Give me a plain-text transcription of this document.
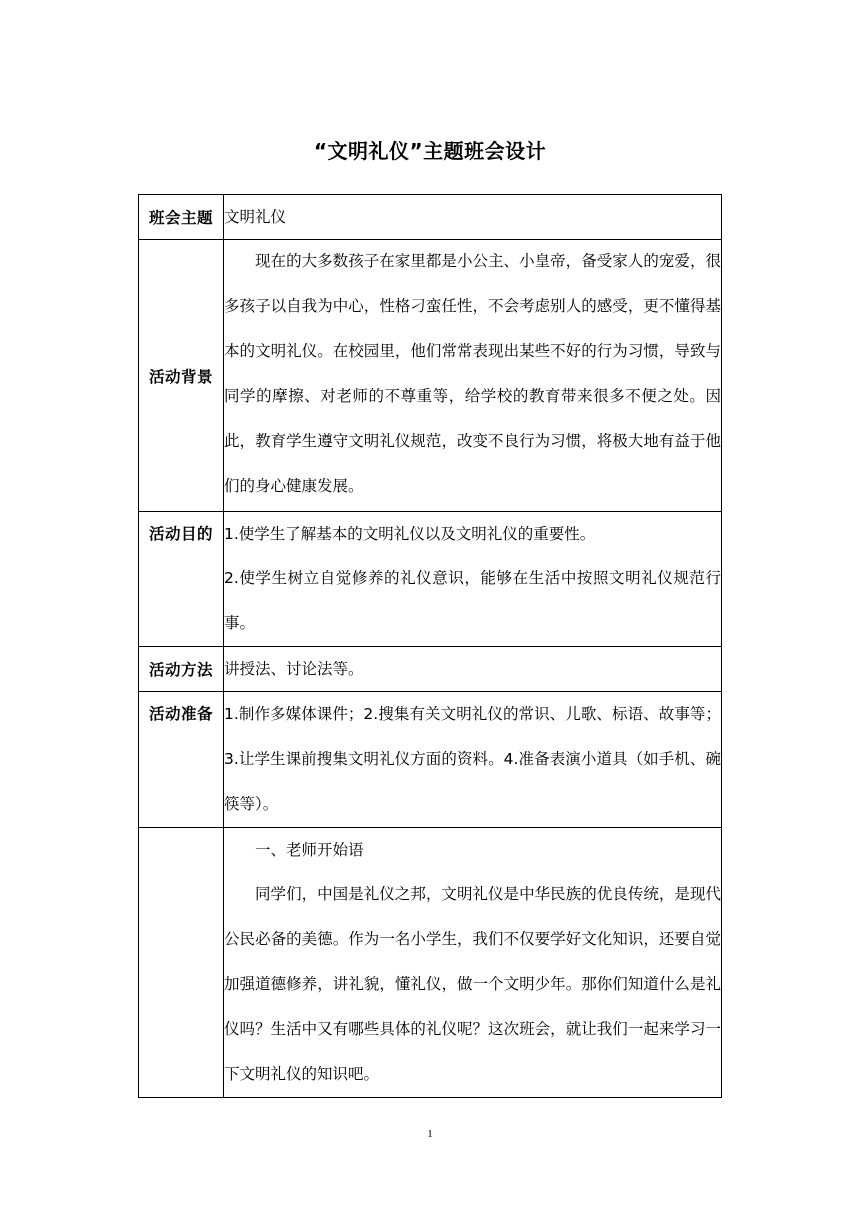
“文明礼仪”主题班会设计
班会主题	文明礼仪

活动背景	现在的大多数孩子在家里都是小公主、小皇帝，备受家人的宠爱，很多孩子以自我为中心，性格刁蛮任性，不会考虑别人的感受，更不懂得基本的文明礼仪。在校园里，他们常常表现出某些不好的行为习惯，导致与同学的摩擦、对老师的不尊重等，给学校的教育带来很多不便之处。因此，教育学生遵守文明礼仪规范，改变不良行为习惯，将极大地有益于他们的身心健康发展。

活动目的	1.使学生了解基本的文明礼仪以及文明礼仪的重要性。

2.使学生树立自觉修养的礼仪意识，能够在生活中按照文明礼仪规范行事。

活动方法	讲授法、讨论法等。

活动准备	1.制作多媒体课件；2.搜集有关文明礼仪的常识、儿歌、标语、故事等；3.让学生课前搜集文明礼仪方面的资料。4.准备表演小道具（如手机、碗筷等）。

	一、老师开始语

同学们，中国是礼仪之邦，文明礼仪是中华民族的优良传统，是现代公民必备的美德。作为一名小学生，我们不仅要学好文化知识，还要自觉加强道德修养，讲礼貌，懂礼仪，做一个文明少年。那你们知道什么是礼仪吗？生活中又有哪些具体的礼仪呢？这次班会，就让我们一起来学习一下文明礼仪的知识吧。

1
